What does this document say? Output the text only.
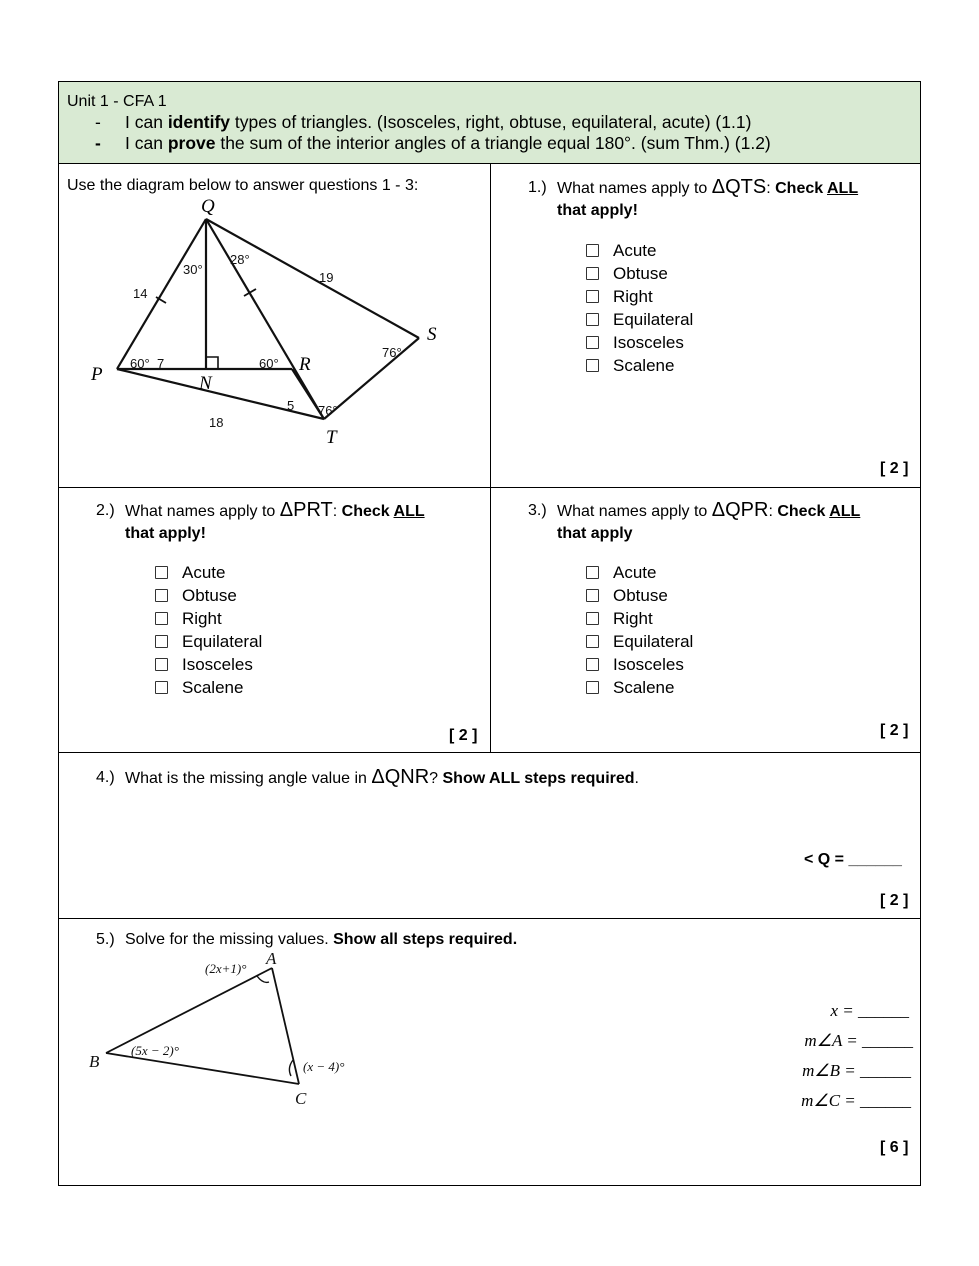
Unit 1 - CFA 1
-	I can identify types of triangles. (Isosceles, right, obtuse, equilateral, acute) (1.1)
-	I can prove the sum of the interior angles of a triangle equal 180°. (sum Thm.) (1.2)
Use the diagram below to answer questions 1 - 3:
Q
P	N
R
S
T
14
19
18
5
7
30°
28°
60°	60°
76°
76°
1.) What names apply to ΔQTS: Check ALL
that apply!
Acute
Obtuse
Right
Equilateral
Isosceles
Scalene
[ 2 ]
2.) What names apply to ΔPRT: Check ALL
that apply!
Acute
Obtuse
Right
Equilateral
Isosceles
Scalene
[ 2 ]
3.) What names apply to ΔQPR: Check ALL
that apply
Acute
Obtuse
Right
Equilateral
Isosceles
Scalene
[ 2 ]
4.) What is the missing angle value in ΔQNR? Show ALL steps required.
< Q = ______
[ 2 ]
5.) Solve for the missing values. Show all steps required.
A
B
C
(2x+1)°
(5x − 2)°
(x − 4)°
x = ______
m∠A = ______
m∠B = ______
m∠C = ______
[ 6 ]
